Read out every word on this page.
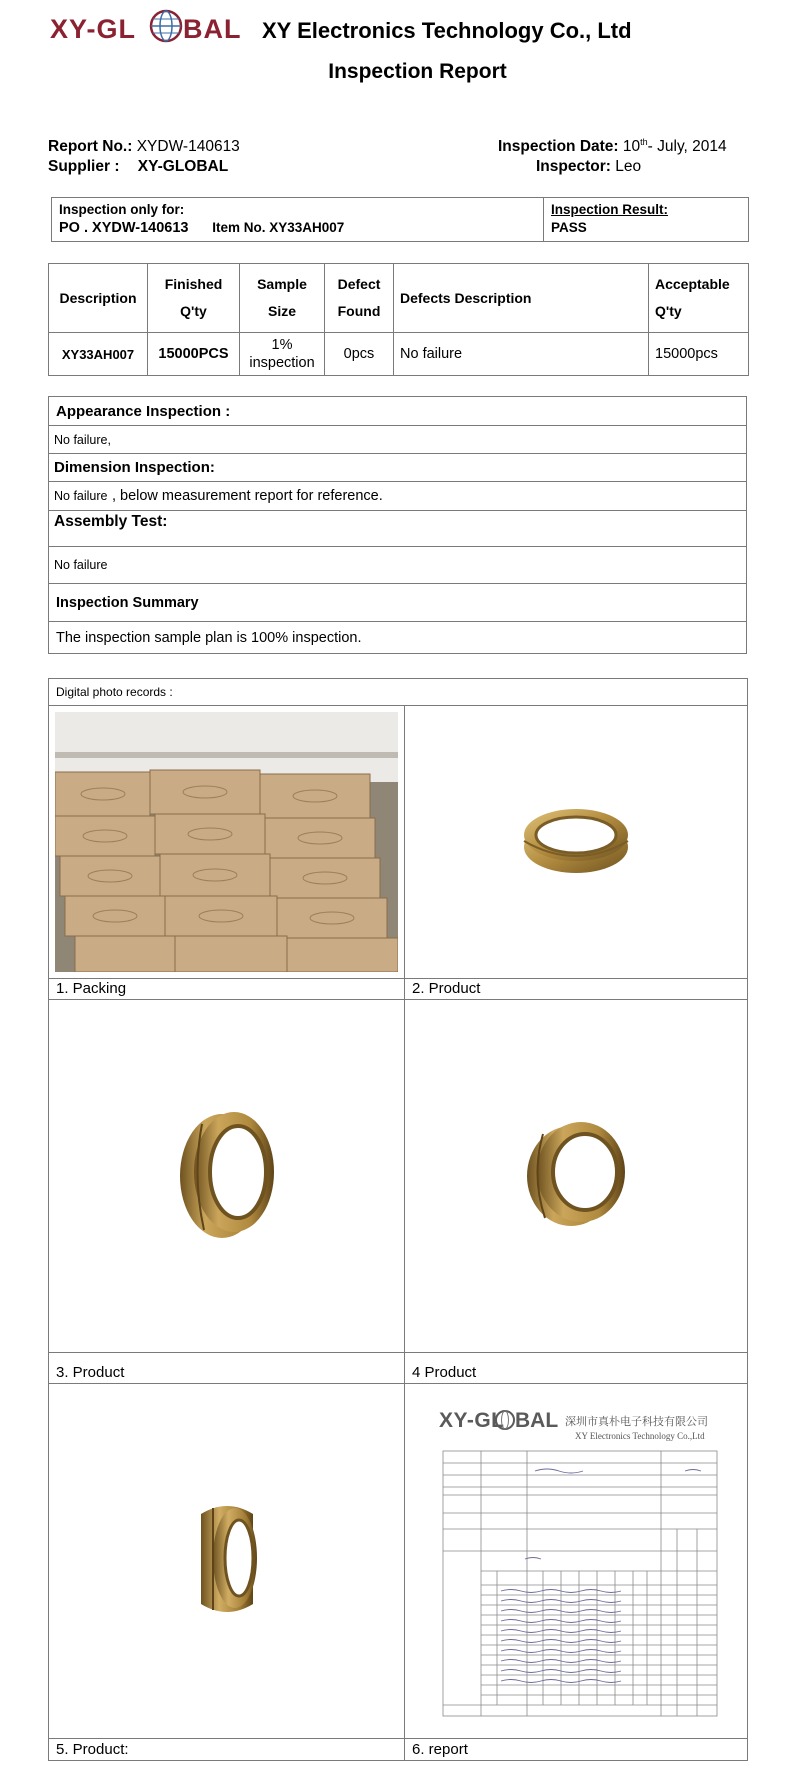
XY-GL BAL XY Electronics Technology Co., Ltd
Inspection Report
Report No.: XYDW-140613
Supplier : XY-GLOBAL
Inspection Date: 10th- July, 2014
Inspector: Leo
Inspection only for:
PO . XYDW-140613 Item No. XY33AH007

Inspection Result:
PASS
Description	Finished Q'ty	Sample Size	Defect Found	Defects Description	Acceptable Q'ty
XY33AH007	15000PCS	1% inspection	0pcs	No failure	15000pcs
Appearance Inspection :
No failure,
Dimension Inspection:
No failure , below measurement report for reference.
Assembly Test:
No failure
Inspection Summary
The inspection sample plan is 100% inspection.
Digital photo records :	

1. Packing	2. Product

3. Product	4 Product

XY-GL BAL 深圳市真朴电子科技有限公司
XY Electronics Technology Co.,Ltd

5. Product:	6. report
